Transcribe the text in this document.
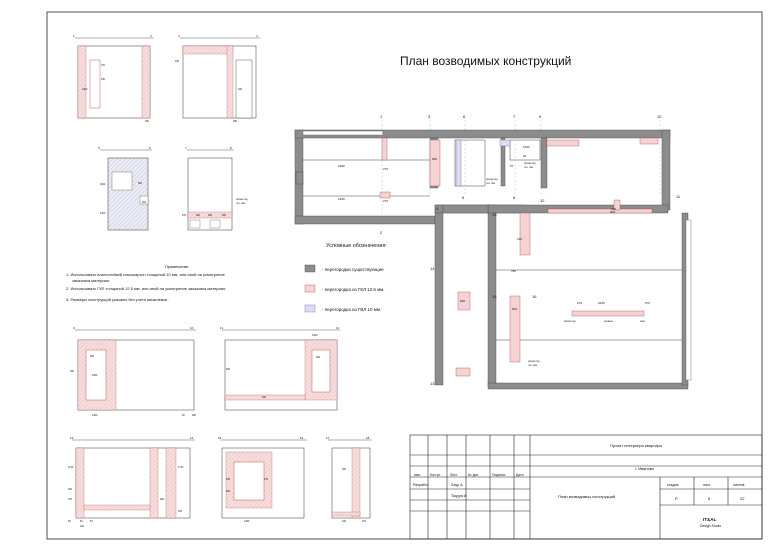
План возводимых конструкций
1	3	6	7	9	10
11
12
13
14
13
15	16
2
4
5	8
2180
2180
270
600
1000
270
57
60
720
2440
270	270
780
600
600
300
210
проем под
тех. люк
проем под
тех. люк
проем под	уровень	окно
проем под
тех. люк
Условные обозначения:
- перегородки существующие
- перегородка из ГКЛ 12.5 мм.
- перегородка из ГВЛ 10 мм.
Примечание:
1. Использовать влагостойкий гипсокартон толщиной 10 мм, или иной на усмотрение
заказчика материал.
2. Использовать ГКЛ толщиной 12.5 мм. или иной на усмотрение заказчика материал.
3. Размеры конструкций указаны без учета шпаклевки .
1	2
300
1900
270
230
3	4
230
250
400
5	6
1900	600
900
1300
7	8
570	600	600	600
проем под
тех. люк
9	10
300
1900
600
1400	280
60
11	12
1400
900
320
300
13	14
2714
370	400
2714
300
150
50	52
100
52
15	16
2180
230	270
400
17	18
300
100	270
Проект интерьера квартиры
г. Иваново
План возводимых конструкций
изм.	Кол.уч.	Лист	№ док.	Подпись	Дата
Разработ.	Лаур А.
Тацура И.
стадия	лист	листов
Р	6	22
IT&AL
Design Studio
